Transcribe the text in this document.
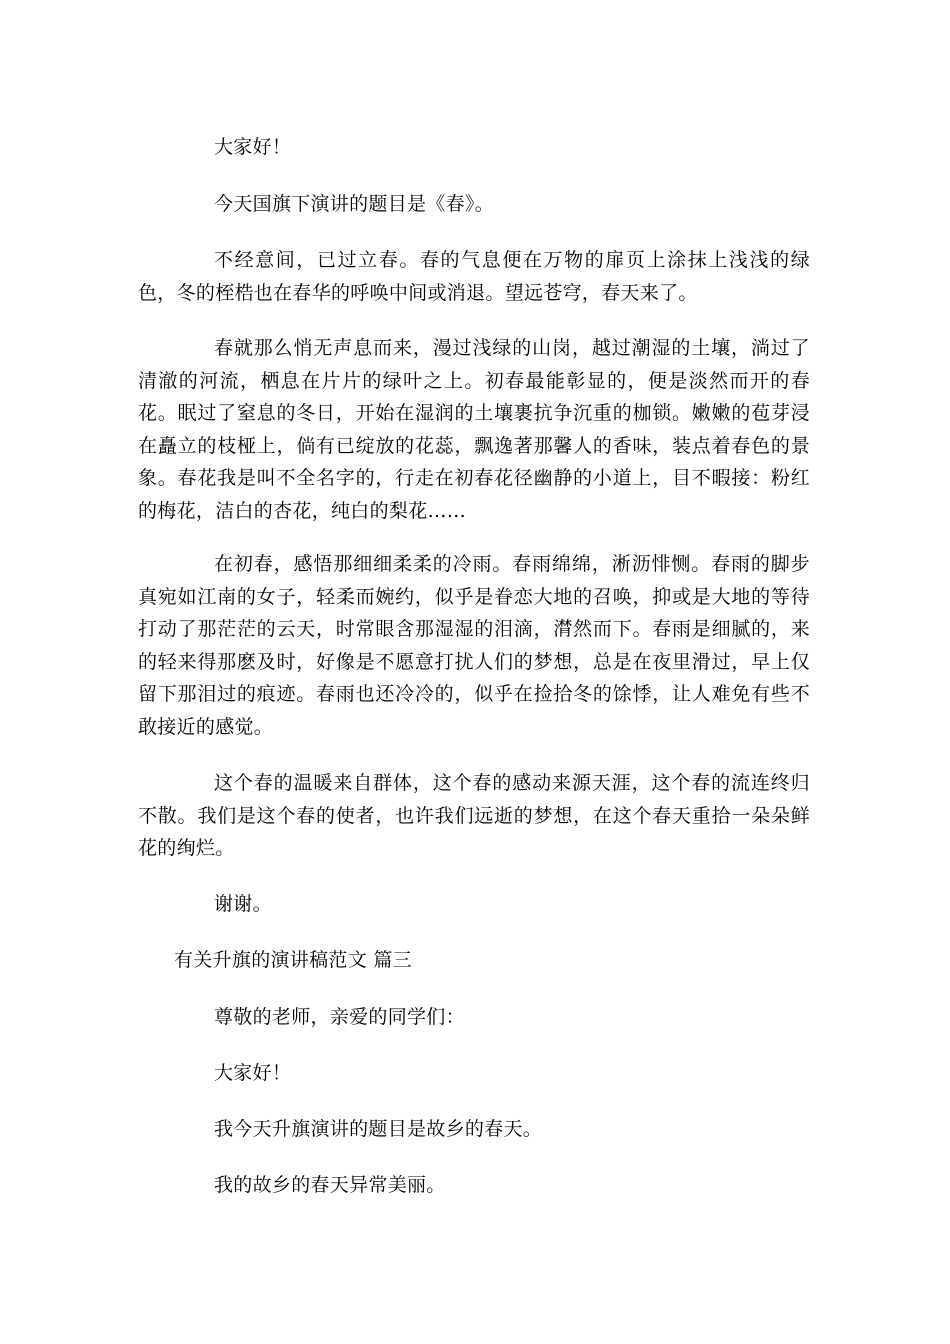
大家好！

今天国旗下演讲的题目是《春》。

不经意间，已过立春。春的气息便在万物的扉页上涂抹上浅浅的绿色，冬的桎梏也在春华的呼唤中间或消退。望远苍穹，春天来了。

春就那么悄无声息而来，漫过浅绿的山岗，越过潮湿的土壤，淌过了清澈的河流，栖息在片片的绿叶之上。初春最能彰显的，便是淡然而开的春花。眠过了窒息的冬日，开始在湿润的土壤裹抗争沉重的枷锁。嫩嫩的苞芽浸在矗立的枝桠上，倘有已绽放的花蕊，飘逸著那馨人的香味，装点着春色的景象。春花我是叫不全名字的，行走在初春花径幽静的小道上，目不暇接：粉红的梅花，洁白的杏花，纯白的梨花……

在初春，感悟那细细柔柔的冷雨。春雨绵绵，淅沥悱恻。春雨的脚步真宛如江南的女子，轻柔而婉约，似乎是眷恋大地的召唤，抑或是大地的等待打动了那茫茫的云天，时常眼含那湿湿的泪滴，潸然而下。春雨是细腻的，来的轻来得那麽及时，好像是不愿意打扰人们的梦想，总是在夜里滑过，早上仅留下那泪过的痕迹。春雨也还冷冷的，似乎在捡拾冬的馀悸，让人难免有些不敢接近的感觉。

这个春的温暖来自群体，这个春的感动来源天涯，这个春的流连终归不散。我们是这个春的使者，也许我们远逝的梦想，在这个春天重拾一朵朵鲜花的绚烂。

谢谢。

有关升旗的演讲稿范文 篇三

尊敬的老师，亲爱的同学们：

大家好！

我今天升旗演讲的题目是故乡的春天。

我的故乡的春天异常美丽。
